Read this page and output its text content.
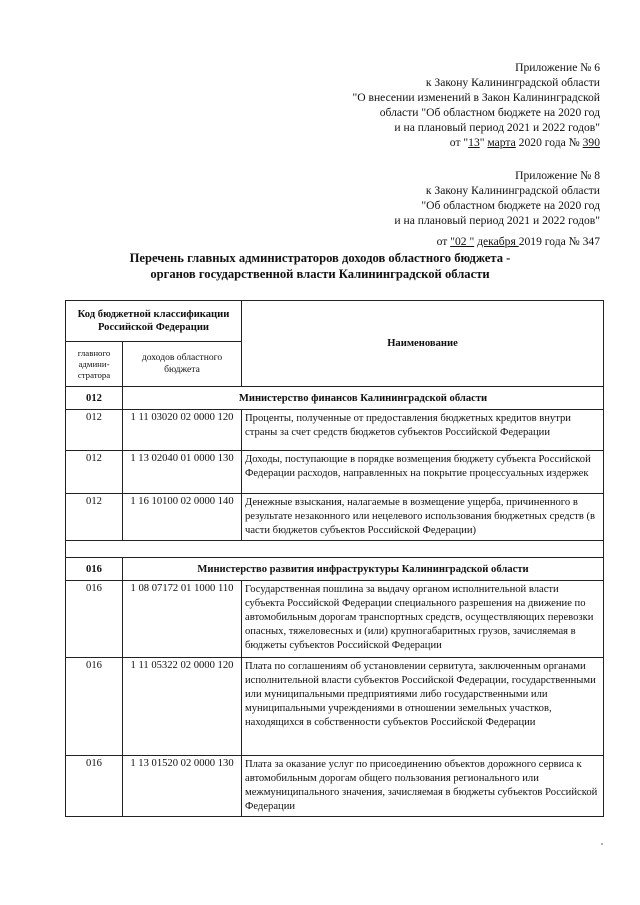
Приложение № 6
к Закону Калининградской области
"О внесении изменений в Закон Калининградской
области "Об областном бюджете на 2020 год
и на плановый период 2021 и 2022 годов"
от "13" марта 2020 года № 390
Приложение № 8
к Закону Калининградской области
"Об областном бюджете на 2020 год
и на плановый период 2021 и 2022 годов"
от "02 " декабря 2019 года № 347
Перечень главных администраторов доходов областного бюджета -
органов государственной власти Калининградской области
Код бюджетной классификации Российской Федерации		Наименование
главного админи-стратора	доходов областного бюджета	
012	Министерство финансов Калининградской области	
012	1 11 03020 02 0000 120	Проценты, полученные от предоставления бюджетных кредитов внутри страны за счет средств бюджетов субъектов Российской Федерации
012	1 13 02040 01 0000 130	Доходы, поступающие в порядке возмещения бюджету субъекта Российской Федерации расходов, направленных на покрытие процессуальных издержек
012	1 16 10100 02 0000 140	Денежные взыскания, налагаемые в возмещение ущерба, причиненного в результате незаконного или нецелевого использования бюджетных средств (в части бюджетов субъектов Российской Федерации)

016	Министерство развития инфраструктуры Калининградской области	
016	1 08 07172 01 1000 110	Государственная пошлина за выдачу органом исполнительной власти субъекта Российской Федерации специального разрешения на движение по автомобильным дорогам транспортных средств, осуществляющих перевозки опасных, тяжеловесных и (или) крупногабаритных грузов, зачисляемая в бюджеты субъектов Российской Федерации
016	1 11 05322 02 0000 120	Плата по соглашениям об установлении сервитута, заключенным органами исполнительной власти субъектов Российской Федерации, государственными или муниципальными предприятиями либо государственными или муниципальными учреждениями в отношении земельных участков, находящихся в собственности субъектов Российской Федерации
016	1 13 01520 02 0000 130	Плата за оказание услуг по присоединению объектов дорожного сервиса к автомобильным дорогам общего пользования регионального или межмуниципального значения, зачисляемая в бюджеты субъектов Российской Федерации
